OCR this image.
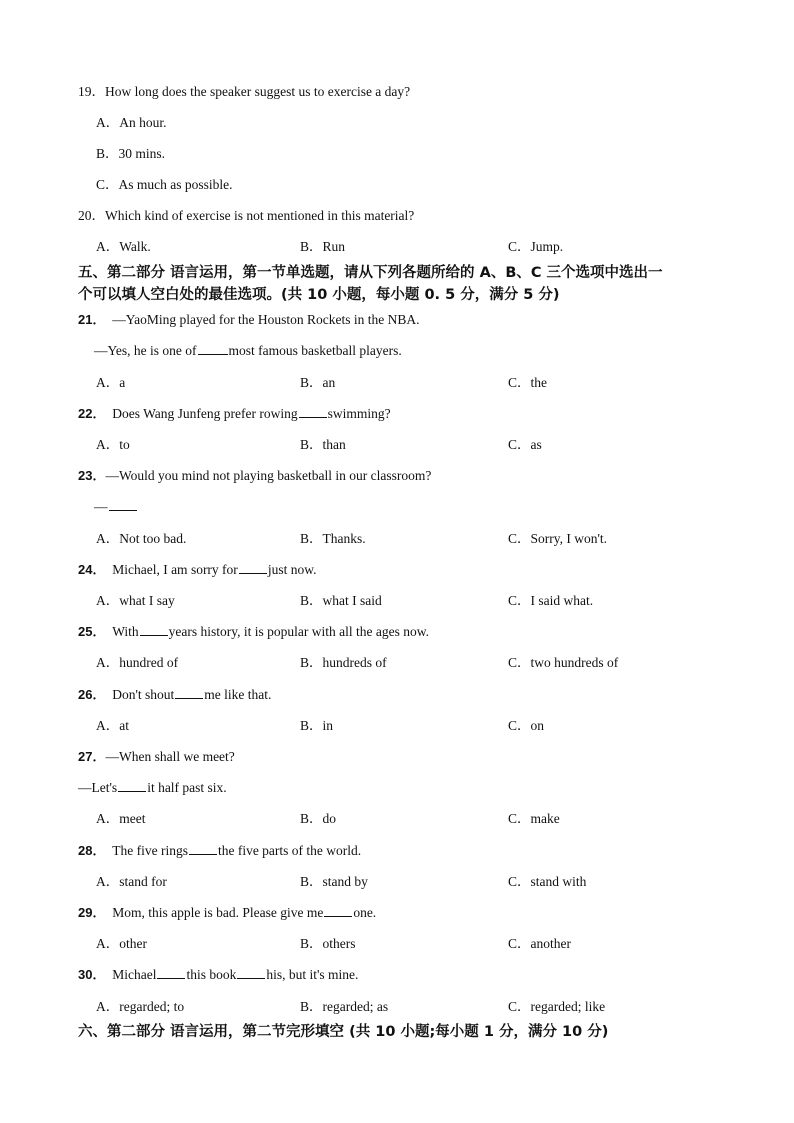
19．How long does the speaker suggest us to exercise a day?
A．An hour.
B．30 mins.
C．As much as possible.
20．Which kind of exercise is not mentioned in this material?
A．Walk.	B．Run	C．Jump.
五、第二部分 语言运用，第一节单选题，请从下列各题所给的 A、B、C 三个选项中选出一
个可以填人空白处的最佳选项。(共 10 小题，每小题 0. 5 分，满分 5 分)
21． —YaoMing played for the Houston Rockets in the NBA.
—Yes, he is one of most famous basketball players.
A．a	B．an	C．the
22． Does Wang Junfeng prefer rowing swimming?
A．to	B．than	C．as
23．—Would you mind not playing basketball in our classroom?
—
A．Not too bad.	B．Thanks.	C．Sorry, I won't.
24． Michael, I am sorry for just now.
A．what I say	B．what I said	C．I said what.
25． With years history, it is popular with all the ages now.
A．hundred of	B．hundreds of	C．two hundreds of
26． Don't shout me like that.
A．at	B．in	C．on
27．—When shall we meet?
—Let's it half past six.
A．meet	B．do	C．make
28． The five rings the five parts of the world.
A．stand for	B．stand by	C．stand with
29． Mom, this apple is bad. Please give me one.
A．other	B．others	C．another
30． Michael this book his, but it's mine.
A．regarded; to	B．regarded; as	C．regarded; like
六、第二部分 语言运用，第二节完形填空 (共 10 小题;每小题 1 分，满分 10 分)
